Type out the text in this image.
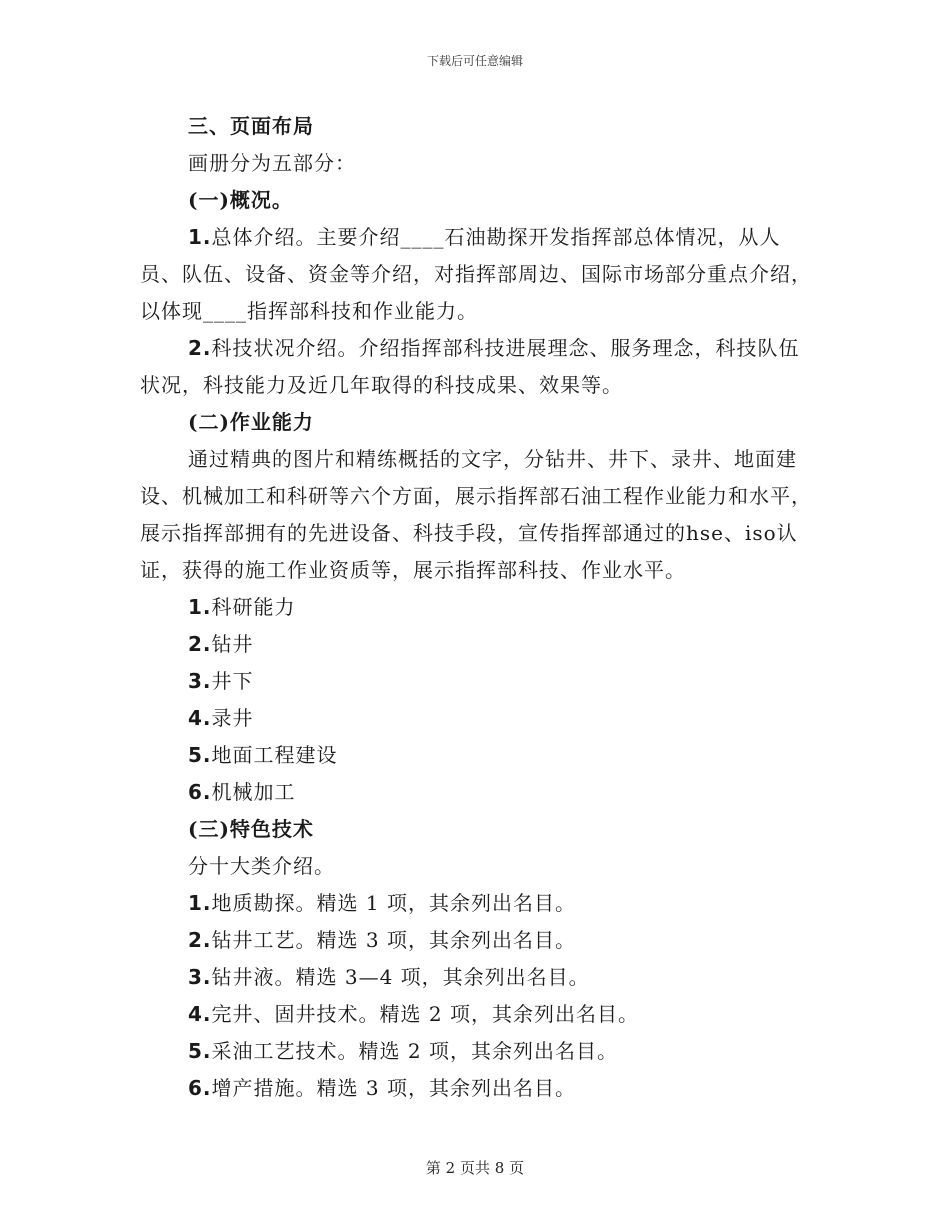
下载后可任意编辑

三、页面布局

画册分为五部分：

(一)概况。

1.总体介绍。主要介绍____石油勘探开发指挥部总体情况，从人员、队伍、设备、资金等介绍，对指挥部周边、国际市场部分重点介绍，以体现____指挥部科技和作业能力。

2.科技状况介绍。介绍指挥部科技进展理念、服务理念，科技队伍状况，科技能力及近几年取得的科技成果、效果等。

(二)作业能力

通过精典的图片和精练概括的文字，分钻井、井下、录井、地面建设、机械加工和科研等六个方面，展示指挥部石油工程作业能力和水平，展示指挥部拥有的先进设备、科技手段，宣传指挥部通过的hse、iso认证，获得的施工作业资质等，展示指挥部科技、作业水平。

1.科研能力

2.钻井

3.井下

4.录井

5.地面工程建设

6.机械加工

(三)特色技术

分十大类介绍。

1.地质勘探。精选 1 项，其余列出名目。

2.钻井工艺。精选 3 项，其余列出名目。

3.钻井液。精选 3—4 项，其余列出名目。

4.完井、固井技术。精选 2 项，其余列出名目。

5.采油工艺技术。精选 2 项，其余列出名目。

6.增产措施。精选 3 项，其余列出名目。

第 2 页共 8 页
